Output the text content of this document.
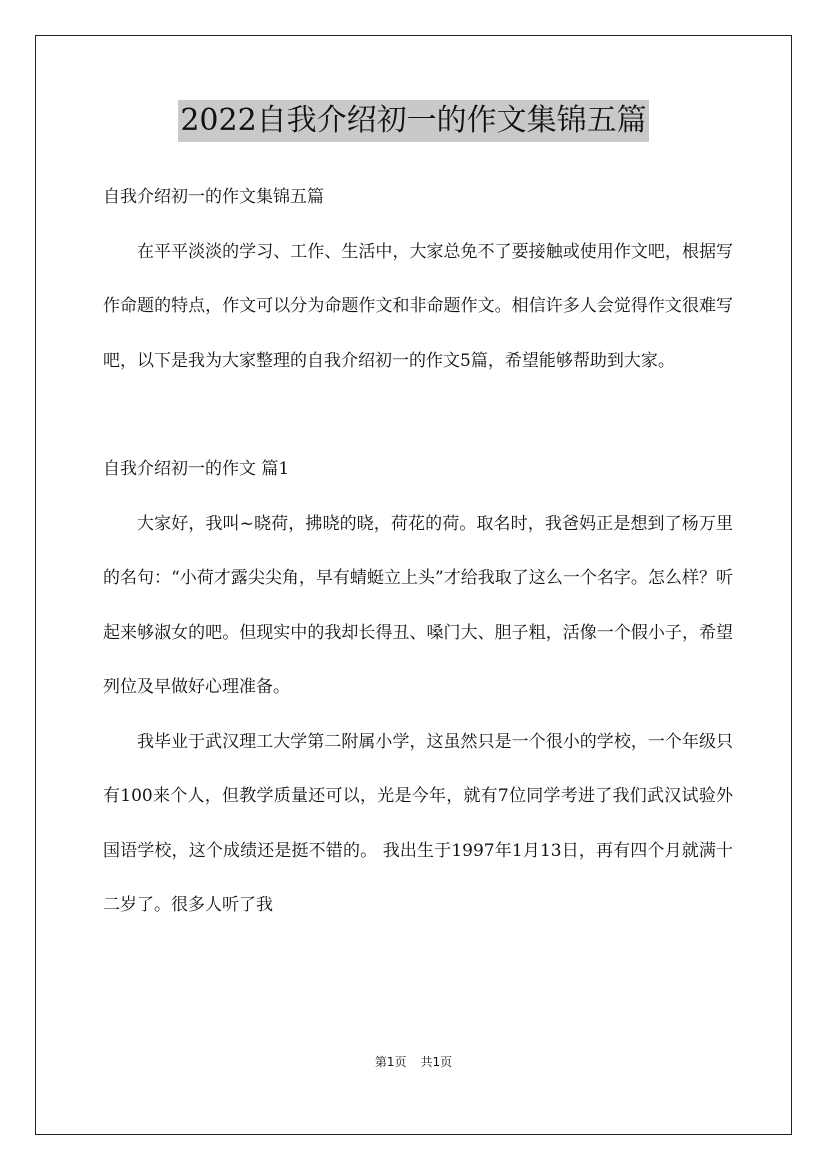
2022自我介绍初一的作文集锦五篇

自我介绍初一的作文集锦五篇

在平平淡淡的学习、工作、生活中，大家总免不了要接触或使用作文吧，根据写作命题的特点，作文可以分为命题作文和非命题作文。相信许多人会觉得作文很难写吧，以下是我为大家整理的自我介绍初一的作文5篇，希望能够帮助到大家。

自我介绍初一的作文 篇1

大家好，我叫~晓荷，拂晓的晓，荷花的荷。取名时，我爸妈正是想到了杨万里的名句：“小荷才露尖尖角，早有蜻蜓立上头”才给我取了这么一个名字。怎么样？听起来够淑女的吧。但现实中的我却长得丑、嗓门大、胆子粗，活像一个假小子，希望列位及早做好心理准备。

我毕业于武汉理工大学第二附属小学，这虽然只是一个很小的学校，一个年级只有100来个人，但教学质量还可以，光是今年，就有7位同学考进了我们武汉试验外国语学校，这个成绩还是挺不错的。 我出生于1997年1月13日，再有四个月就满十二岁了。很多人听了我

第1页 共1页
